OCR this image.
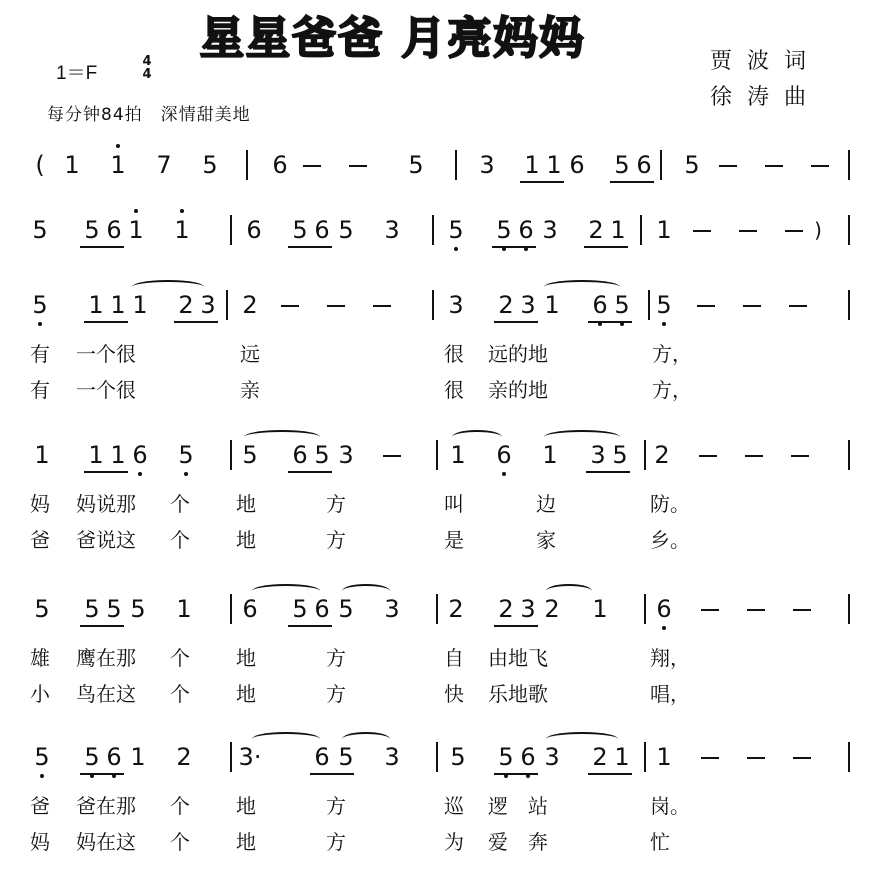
星星爸爸 月亮妈妈
1＝F
4
4
每分钟84拍　深情甜美地
贾 波 词
徐 涛 曲
( 1 1 7 5 6	5 3 1 1 6 5 6 5
)
5 5 6 1 1 6 5 6 5 3 5 5 6 3 2 1 1
5 1 1 1 2 3 2	3 2 3 1 6 5 5
有 一个很	远	很 远的地	方，
有 一个很	亲	很 亲的地	方，
1 1 1 6 5 5 6 5 3	1 6 1 3 5 2
妈 妈说那 个 地	方	叫	边	防。
爸 爸说这 个 地	方	是	家	乡。
5 5 5 5 1 6 5 6 5 3 2 2 3 2 1 6
雄 鹰在那 个 地	方	自 由地飞	翔，
小 鸟在这 个 地	方	快 乐地歌	唱，
5 5 6 1 2 3· 6 5 3 5 5 6 3 2 1 1
爸 爸在那 个 地	方	巡 逻　站	岗。
妈 妈在这 个 地	方	为 爱　奔	忙
